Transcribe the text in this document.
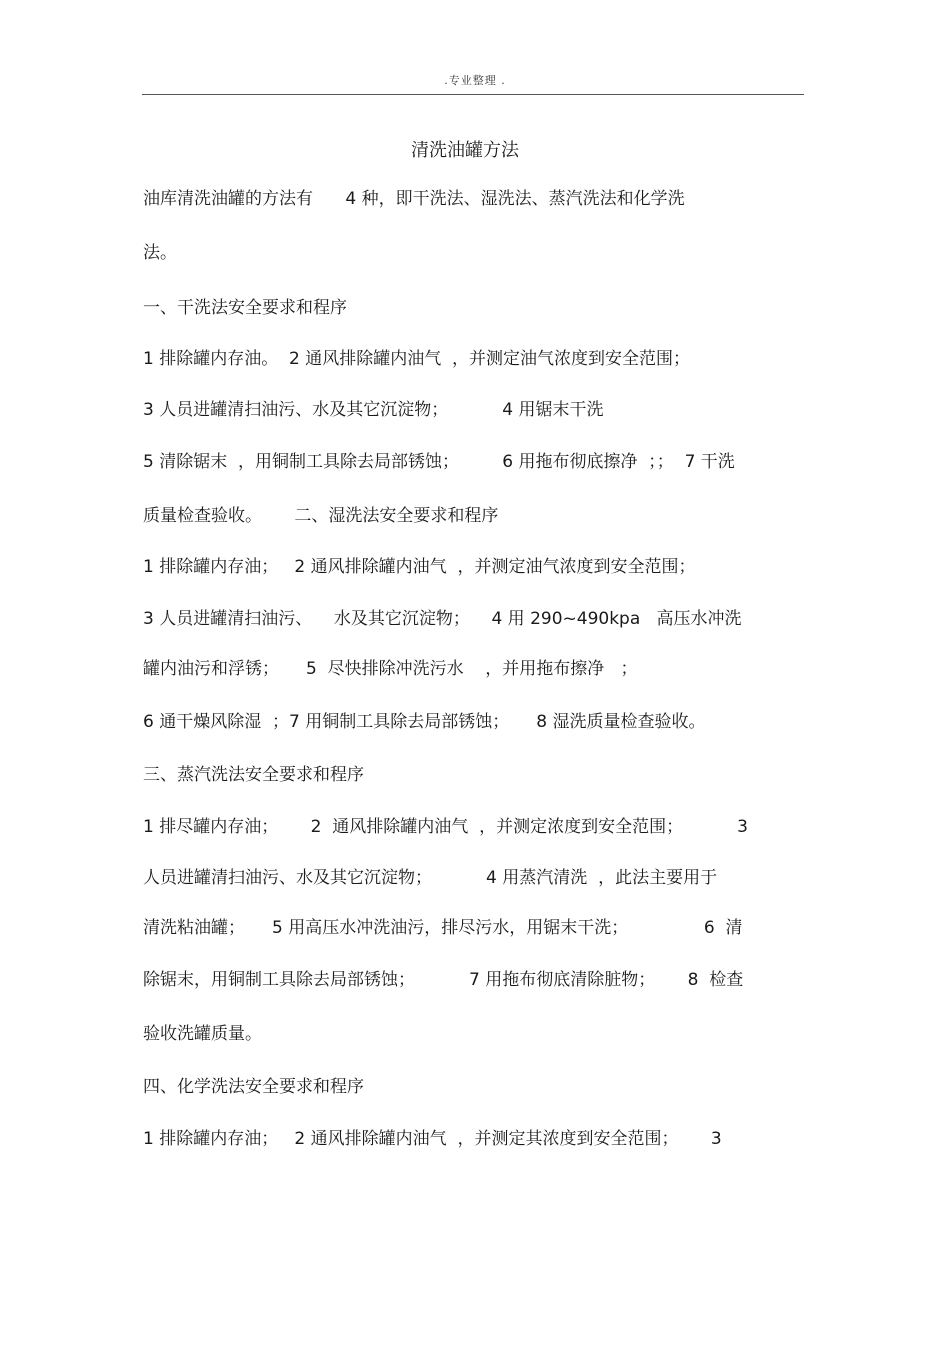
.专业整理 .
清洗油罐方法
油库清洗油罐的方法有      4 种，即干洗法、湿洗法、蒸汽洗法和化学洗
法。
一、干洗法安全要求和程序
1 排除罐内存油。  2 通风排除罐内油气  ，并测定油气浓度到安全范围；
3 人员进罐清扫油污、水及其它沉淀物；          4 用锯末干洗
5 清除锯末  ，用铜制工具除去局部锈蚀；        6 用拖布彻底擦净  ；；  7 干洗
质量检查验收。      二、湿洗法安全要求和程序
1 排除罐内存油；   2 通风排除罐内油气  ，并测定油气浓度到安全范围；
3 人员进罐清扫油污、    水及其它沉淀物；    4 用 290~490kpa   高压水冲洗
罐内油污和浮锈；     5  尽快排除冲洗污水    ，并用拖布擦净   ；
6 通干燥风除湿  ；7 用铜制工具除去局部锈蚀；     8 湿洗质量检查验收。
三、蒸汽洗法安全要求和程序
1 排尽罐内存油；      2  通风排除罐内油气  ，并测定浓度到安全范围；          3
人员进罐清扫油污、水及其它沉淀物；          4 用蒸汽清洗  ，此法主要用于
清洗粘油罐；     5 用高压水冲洗油污，排尽污水，用锯末干洗；              6  清
除锯末，用铜制工具除去局部锈蚀；          7 用拖布彻底清除脏物；      8  检查
验收洗罐质量。
四、化学洗法安全要求和程序
1 排除罐内存油；   2 通风排除罐内油气  ，并测定其浓度到安全范围；      3
